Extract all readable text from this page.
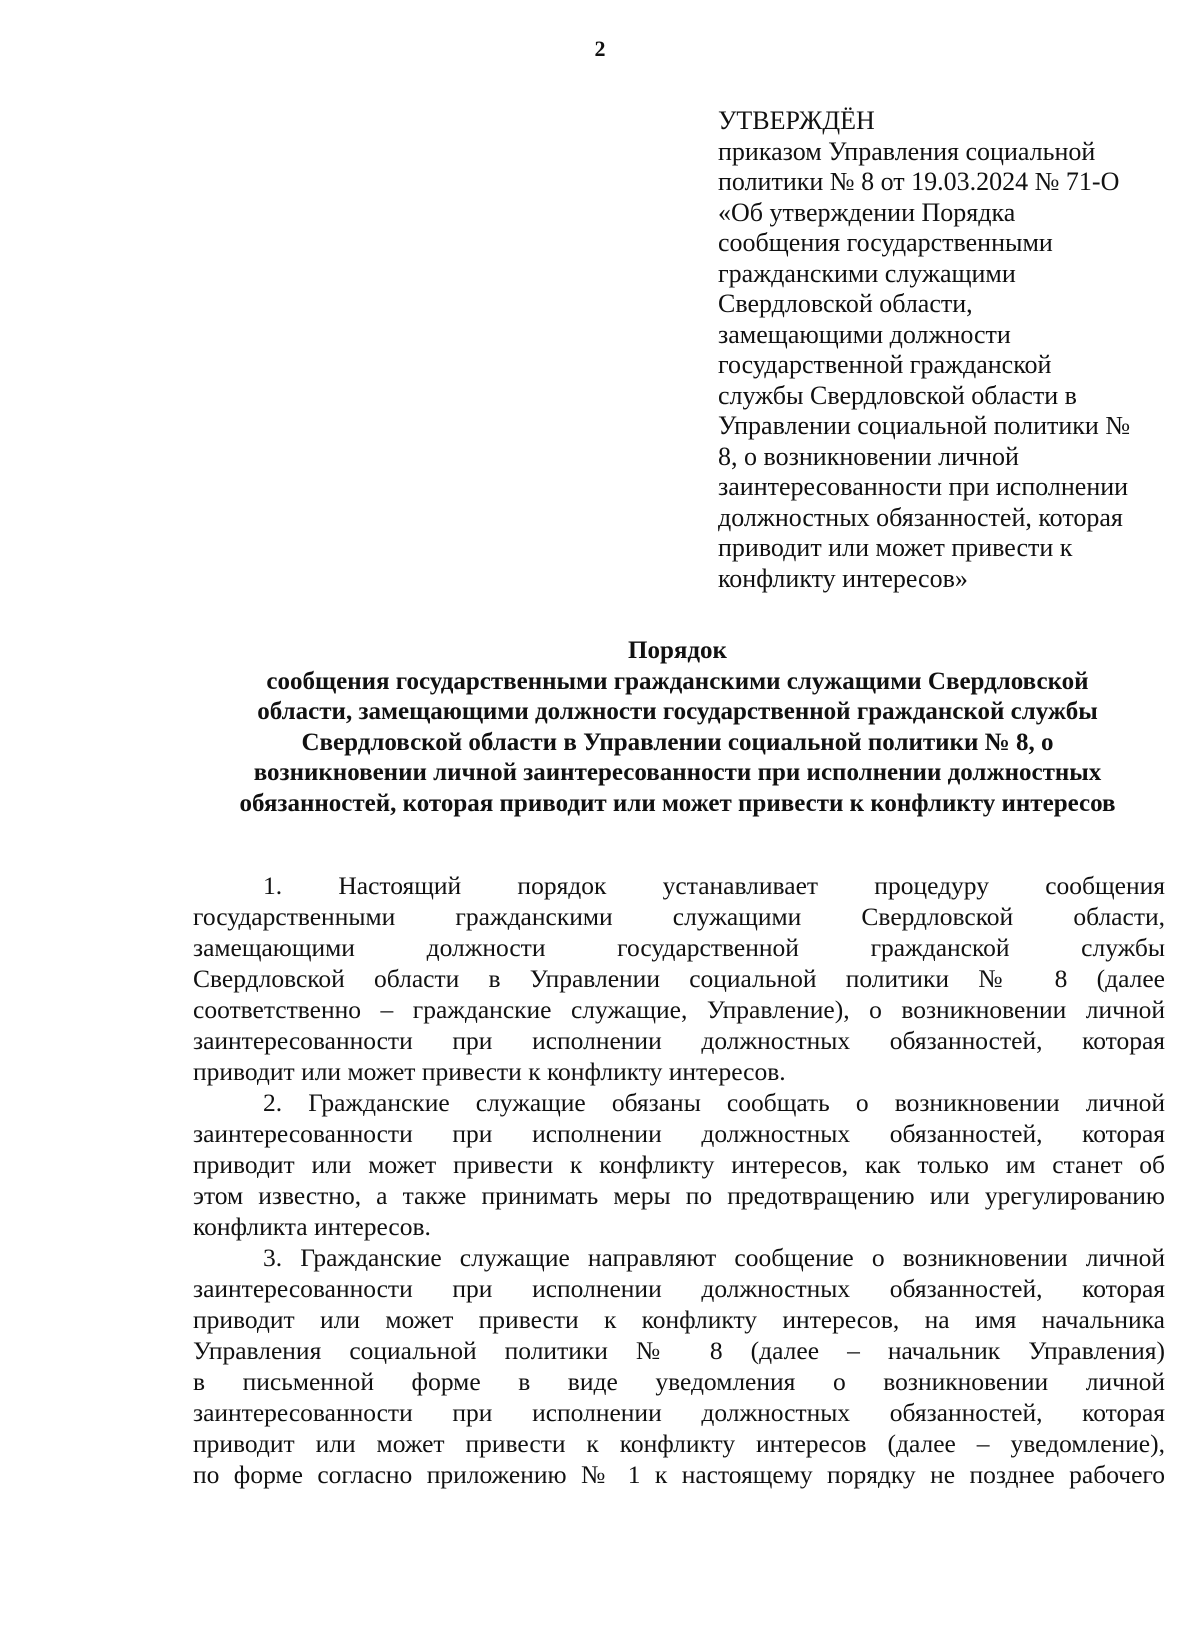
2
УТВЕРЖДЁН
приказом Управления социальной
политики № 8 от 19.03.2024 № 71-О
«Об утверждении Порядка
сообщения государственными
гражданскими служащими
Свердловской области,
замещающими должности
государственной гражданской
службы Свердловской области в
Управлении социальной политики №
8, о возникновении личной
заинтересованности при исполнении
должностных обязанностей, которая
приводит или может привести к
конфликту интересов»
Порядок
сообщения государственными гражданскими служащими Свердловской
области, замещающими должности государственной гражданской службы
Свердловской области в Управлении социальной политики № 8, о
возникновении личной заинтересованности при исполнении должностных
обязанностей, которая приводит или может привести к конфликту интересов
1. Настоящий порядок устанавливает процедуру сообщения
государственными гражданскими служащими Свердловской области,
замещающими должности государственной гражданской службы
Свердловской области в Управлении социальной политики № 8 (далее
соответственно – гражданские служащие, Управление), о возникновении личной
заинтересованности при исполнении должностных обязанностей, которая
приводит или может привести к конфликту интересов.
2. Гражданские служащие обязаны сообщать о возникновении личной
заинтересованности при исполнении должностных обязанностей, которая
приводит или может привести к конфликту интересов, как только им станет об
этом известно, а также принимать меры по предотвращению или урегулированию
конфликта интересов.
3. Гражданские служащие направляют сообщение о возникновении личной
заинтересованности при исполнении должностных обязанностей, которая
приводит или может привести к конфликту интересов, на имя начальника
Управления социальной политики № 8 (далее – начальник Управления)
в письменной форме в виде уведомления о возникновении личной
заинтересованности при исполнении должностных обязанностей, которая
приводит или может привести к конфликту интересов (далее – уведомление),
по форме согласно приложению № 1 к настоящему порядку не позднее рабочего
